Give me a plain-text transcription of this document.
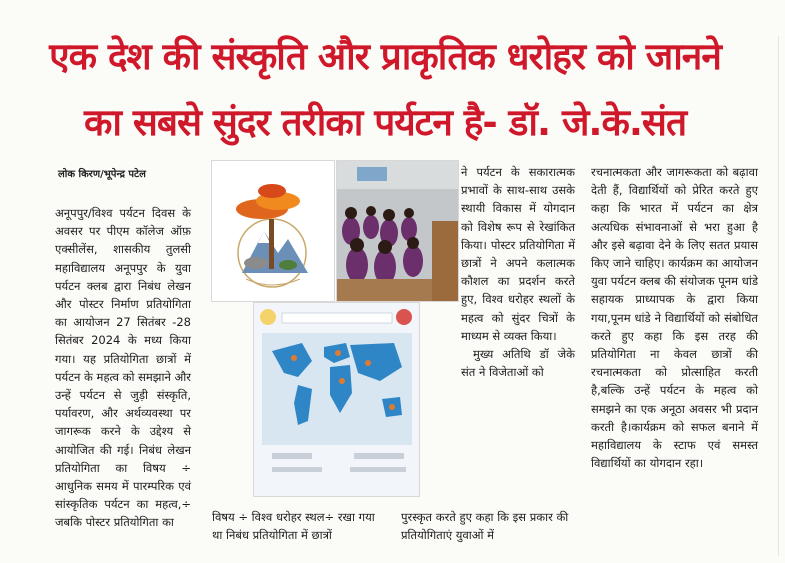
एक देश की संस्कृति और प्राकृतिक धरोहर को जानने
का सबसे सुंदर तरीका पर्यटन है- डॉ. जे.के.संत
लोक किरण/भूपेन्द्र पटेल

अनूपपुर/विश्व पर्यटन दिवस के अवसर पर पीएम कॉलेज ऑफ़ एक्सीलेंस, शासकीय तुलसी महाविद्यालय अनूपपुर के युवा पर्यटन क्लब द्वारा निबंध लेखन और पोस्टर निर्माण प्रतियोगिता का आयोजन 27 सितंबर -28 सितंबर 2024 के मध्य किया गया। यह प्रतियोगिता छात्रों में पर्यटन के महत्व को समझाने और उन्हें पर्यटन से जुड़ी संस्कृति, पर्यावरण, और अर्थव्यवस्था पर जागरूक करने के उद्देश्य से आयोजित की गई। निबंध लेखन प्रतियोगिता का विषय ÷ आधुनिक समय में पारम्परिक एवं सांस्कृतिक पर्यटन का महत्व,÷ जबकि पोस्टर प्रतियोगिता का	विषय ÷ विश्व धरोहर स्थल÷ रखा गया था निबंध प्रतियोगिता में छात्रों

ने पर्यटन के सकारात्मक प्रभावों के साथ-साथ उसके स्थायी विकास में योगदान को विशेष रूप से रेखांकित किया। पोस्टर प्रतियोगिता में छात्रों ने अपने कलात्मक कौशल का प्रदर्शन करते हुए, विश्व धरोहर स्थलों के महत्व को सुंदर चित्रों के माध्यम से व्यक्त किया।

मुख्य अतिथि डॉ जेके संत ने विजेताओं को

पुरस्कृत करते हुए कहा कि इस प्रकार की प्रतियोगिताएं युवाओं में

रचनात्मकता और जागरूकता को बढ़ावा देती हैं, विद्यार्थियों को प्रेरित करते हुए कहा कि भारत में पर्यटन का क्षेत्र अत्यधिक संभावनाओं से भरा हुआ है और इसे बढ़ावा देने के लिए सतत प्रयास किए जाने चाहिए। कार्यक्रम का आयोजन युवा पर्यटन क्लब की संयोजक पूनम धांडे सहायक प्राध्यापक के द्वारा किया गया,पूनम धांडे ने विद्यार्थियों को संबोधित करते हुए कहा कि इस तरह की प्रतियोगिता ना केवल छात्रों की रचनात्मकता को प्रोत्साहित करती है,बल्कि उन्हें पर्यटन के महत्व को समझने का एक अनूठा अवसर भी प्रदान करती है।कार्यक्रम को सफल बनाने में महाविद्यालय के स्टाफ एवं समस्त विद्यार्थियों का योगदान रहा।
